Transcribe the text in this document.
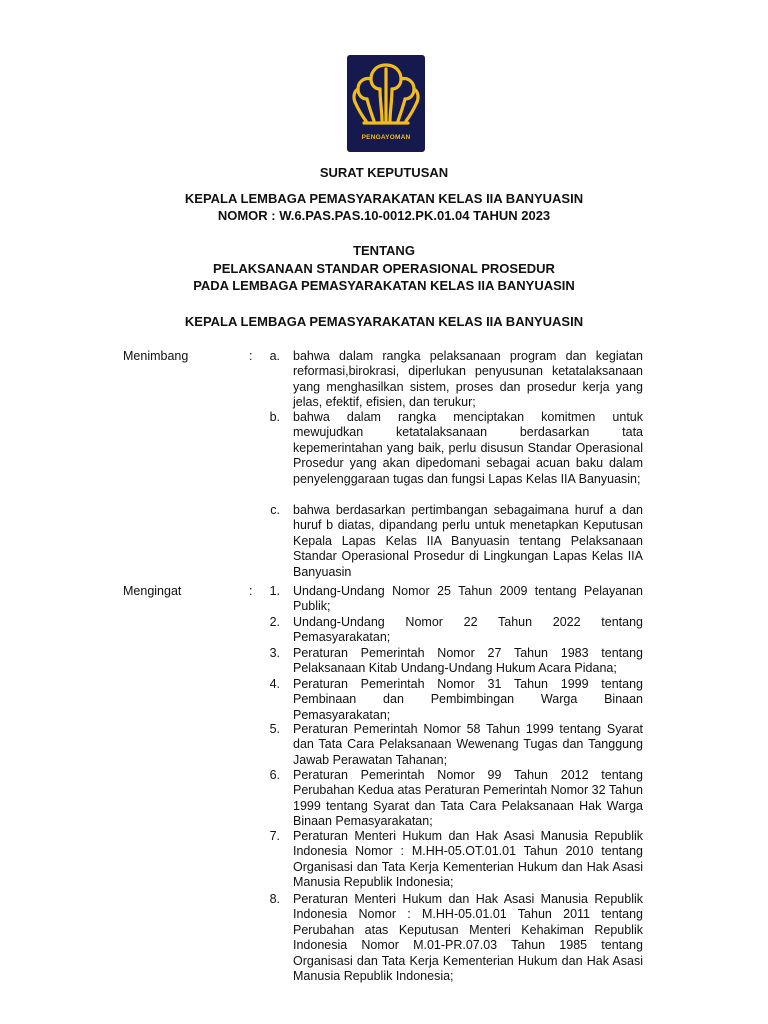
PENGAYOMAN
SURAT KEPUTUSAN
KEPALA LEMBAGA PEMASYARAKATAN KELAS IIA BANYUASIN
NOMOR : W.6.PAS.PAS.10-0012.PK.01.04 TAHUN 2023
TENTANG
PELAKSANAAN STANDAR OPERASIONAL PROSEDUR
PADA LEMBAGA PEMASYARAKATAN KELAS IIA BANYUASIN
KEPALA LEMBAGA PEMASYARAKATAN KELAS IIA BANYUASIN
Menimbang	:	a. bahwa dalam rangka pelaksanaan program dan kegiatan reformasi,birokrasi, diperlukan penyusunan ketatalaksanaan yang menghasilkan sistem, proses dan prosedur kerja yang jelas, efektif, efisien, dan terukur;
b. bahwa dalam rangka menciptakan komitmen untuk mewujudkan ketatalaksanaan berdasarkan tata kepemerintahan yang baik, perlu disusun Standar Operasional Prosedur yang akan dipedomani sebagai acuan baku dalam penyelenggaraan tugas dan fungsi Lapas Kelas IIA Banyuasin;
c. bahwa berdasarkan pertimbangan sebagaimana huruf a dan huruf b diatas, dipandang perlu untuk menetapkan Keputusan Kepala Lapas Kelas IIA Banyuasin tentang Pelaksanaan Standar Operasional Prosedur di Lingkungan Lapas Kelas IIA Banyuasin
Mengingat	:	1. Undang-Undang Nomor 25 Tahun 2009 tentang Pelayanan Publik;
2. Undang-Undang Nomor 22 Tahun 2022 tentang Pemasyarakatan;
3. Peraturan Pemerintah Nomor 27 Tahun 1983 tentang Pelaksanaan Kitab Undang-Undang Hukum Acara Pidana;
4. Peraturan Pemerintah Nomor 31 Tahun 1999 tentang Pembinaan dan Pembimbingan Warga Binaan Pemasyarakatan;
5. Peraturan Pemerintah Nomor 58 Tahun 1999 tentang Syarat dan Tata Cara Pelaksanaan Wewenang Tugas dan Tanggung Jawab Perawatan Tahanan;
6. Peraturan Pemerintah Nomor 99 Tahun 2012 tentang Perubahan Kedua atas Peraturan Pemerintah Nomor 32 Tahun 1999 tentang Syarat dan Tata Cara Pelaksanaan Hak Warga Binaan Pemasyarakatan;
7. Peraturan Menteri Hukum dan Hak Asasi Manusia Republik Indonesia Nomor : M.HH-05.OT.01.01 Tahun 2010 tentang Organisasi dan Tata Kerja Kementerian Hukum dan Hak Asasi Manusia Republik Indonesia;
8. Peraturan Menteri Hukum dan Hak Asasi Manusia Republik Indonesia Nomor : M.HH-05.01.01 Tahun 2011 tentang Perubahan atas Keputusan Menteri Kehakiman Republik Indonesia Nomor M.01-PR.07.03 Tahun 1985 tentang Organisasi dan Tata Kerja Kementerian Hukum dan Hak Asasi Manusia Republik Indonesia;
